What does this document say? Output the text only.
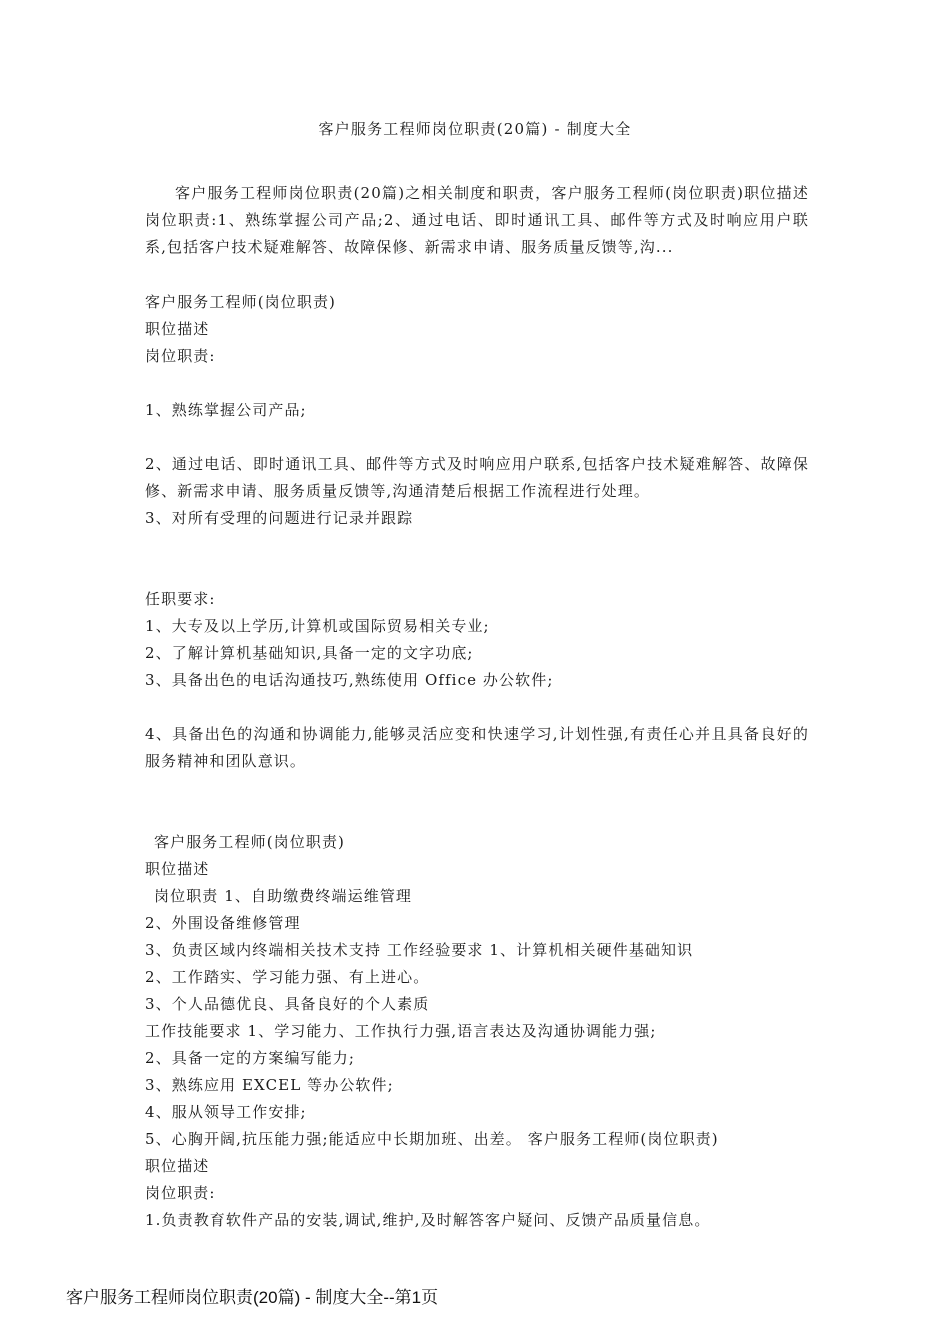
客户服务工程师岗位职责(20篇) - 制度大全
客户服务工程师岗位职责(20篇)之相关制度和职责，客户服务工程师(岗位职责)职位描述岗位职责:1、熟练掌握公司产品;2、通过电话、即时通讯工具、邮件等方式及时响应用户联系,包括客户技术疑难解答、故障保修、新需求申请、服务质量反馈等,沟...
客户服务工程师(岗位职责)
职位描述
岗位职责:
1、熟练掌握公司产品;
2、通过电话、即时通讯工具、邮件等方式及时响应用户联系,包括客户技术疑难解答、故障保修、新需求申请、服务质量反馈等,沟通清楚后根据工作流程进行处理。
3、对所有受理的问题进行记录并跟踪
任职要求:
1、大专及以上学历,计算机或国际贸易相关专业;
2、了解计算机基础知识,具备一定的文字功底;
3、具备出色的电话沟通技巧,熟练使用 Office 办公软件;
4、具备出色的沟通和协调能力,能够灵活应变和快速学习,计划性强,有责任心并且具备良好的服务精神和团队意识。
客户服务工程师(岗位职责)
职位描述
岗位职责 1、自助缴费终端运维管理
2、外围设备维修管理
3、负责区域内终端相关技术支持 工作经验要求 1、计算机相关硬件基础知识
2、工作踏实、学习能力强、有上进心。
3、个人品德优良、具备良好的个人素质
工作技能要求 1、学习能力、工作执行力强,语言表达及沟通协调能力强;
2、具备一定的方案编写能力;
3、熟练应用 EXCEL 等办公软件;
4、服从领导工作安排;
5、心胸开阔,抗压能力强;能适应中长期加班、出差。 客户服务工程师(岗位职责)
职位描述
岗位职责:
1.负责教育软件产品的安装,调试,维护,及时解答客户疑问、反馈产品质量信息。
客户服务工程师岗位职责(20篇) - 制度大全--第1页
